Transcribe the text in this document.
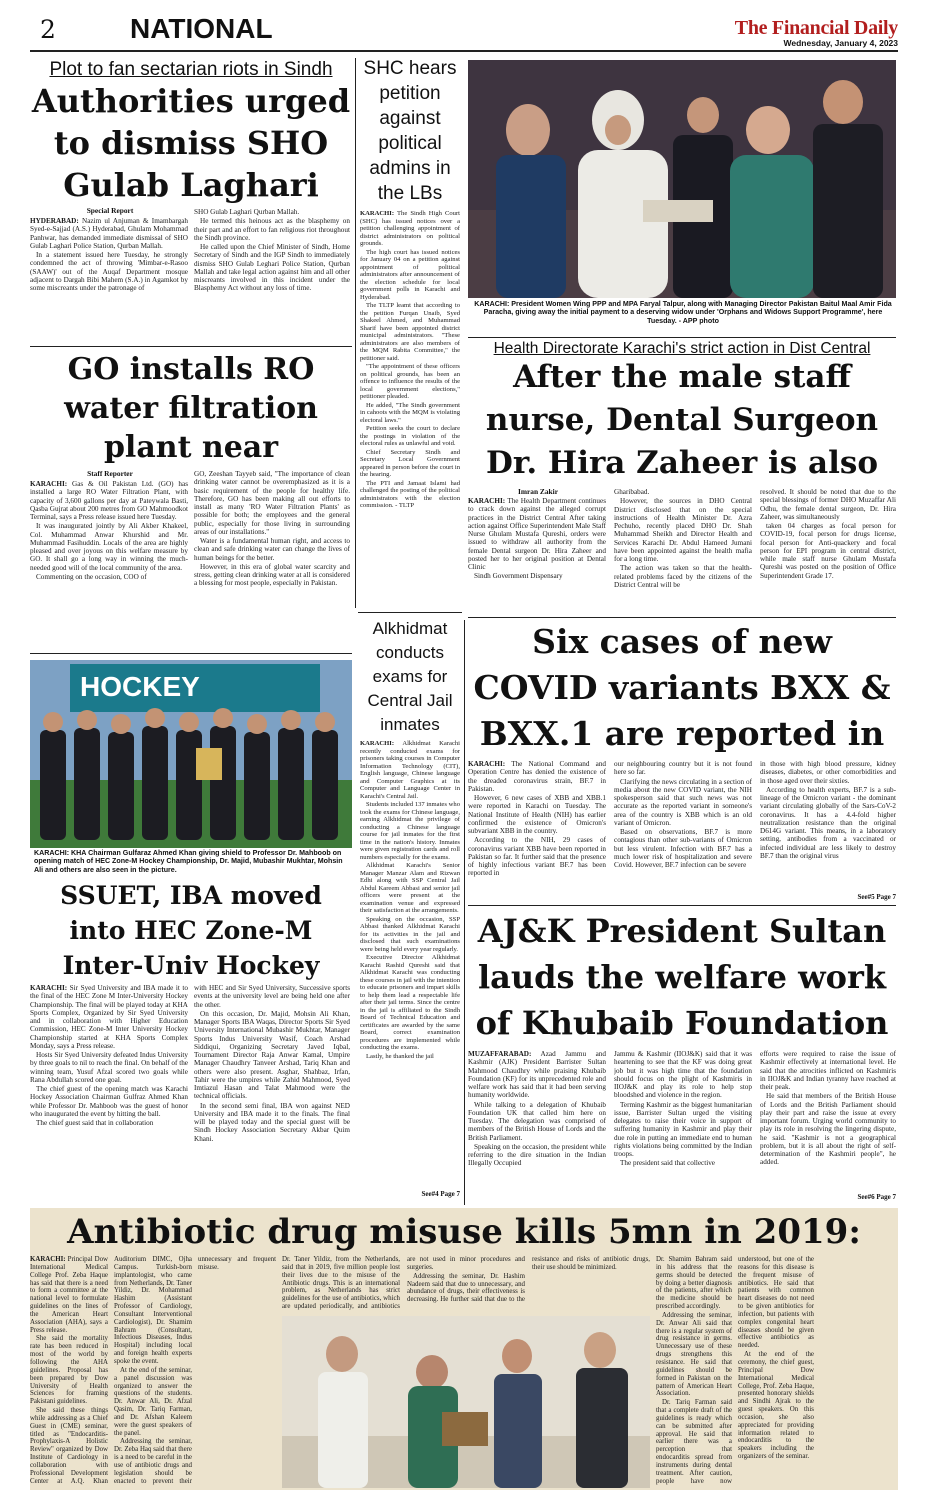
2	NATIONAL	The Financial Daily
Wednesday, January 4, 2023
Plot to fan sectarian riots in Sindh
Authorities urged to dismiss SHO Gulab Laghari
Special Report

HYDERABAD: Nazim ul Anjuman & Imambargah Syed-e-Sajjad (A.S.) Hyderabad, Ghulam Mohammad Panhwar, has demanded immediate dismissal of SHO Gulab Laghari Police Station, Qurban Mallah.

In a statement issued here Tuesday, he strongly condemned the act of throwing 'Mimbar-e-Rasoo (SAAW)' out of the Auqaf Department mosque adjacent to Dargah Bibi Mahem (S.A.) in Agamkot by some miscreants under the patronage of

SHO Gulab Laghari Qurban Mallah.

He termed this heinous act as the blasphemy on their part and an effort to fan religious riot throughout the Sindh province.

He called upon the Chief Minister of Sindh, Home Secretary of Sindh and the IGP Sindh to immediately dismiss SHO Gulab Leghari Police Station, Qurban Mallah and take legal action against him and all other miscreants involved in this incident under the Blasphemy Act without any loss of time.

SHC hears petition against political admins in the LBs

KARACHI: The Sindh High Court (SHC) has issued notices over a petition challenging appointment of district administrators on political grounds.

The high court has issued notices for January 04 on a petition against appointment of political administrators after announcement of the election schedule for local government polls in Karachi and Hyderabad.

The TLTP leamt that according to the petition Furqan Unaib, Syed Shakeel Ahmed, and Muhammad Sharif have been appointed district municipal administrators. "These administrators are also members of the MQM Rabita Committee," the petitioner said.

"The appointment of these officers on political grounds, has been an offence to influence the results of the local government elections," petitioner pleaded.

He added, "The Sindh government in cahoots with the MQM is violating electoral laws."

Petition seeks the court to declare the postings in violation of the electoral rules as unlawful and void.

Chief Secretary Sindh and Secretary Local Government appeared in person before the court in the hearing.

The PTI and Jamaat Islami had challenged the posting of the political administrators with the election commission. - TLTP

KARACHI: President Women Wing PPP and MPA Faryal Talpur, along with Managing Director Pakistan Baitul Maal Amir Fida Paracha, giving away the initial payment to a deserving widow under 'Orphans and Widows Support Programme', here Tuesday. - APP photo
Health Directorate Karachi's strict action in Dist Central
After the male staff nurse, Dental Surgeon Dr. Hira Zaheer is also
Imran Zakir

KARACHI: The Health Department continues to crack down against the alleged corrupt practices in the District Central After taking action against Office Superintendent Male Staff Nurse Ghulam Mustafa Qureshi, orders were issued to withdraw all authority from the female Dental surgeon Dr. Hira Zaheer and posted her to her original position at Dental Clinic

Sindh Government Dispensary

Gharibabad.

However, the sources in DHO Central District disclosed that on the special instructions of Health Minister Dr. Azra Pechuho, recently placed DHO Dr. Shah Muhammad Sheikh and Director Health and Services Karachi Dr. Abdul Hameed Jumani have been appointed against the health mafia for a long time.

The action was taken so that the health-related problems faced by the citizens of the District Central will be

resolved. It should be noted that due to the special blessings of former DHO Muzaffar Ali Odhu, the female dental surgeon, Dr. Hira Zaheer, was simultaneously

taken 04 charges as focal person for COVID-19, focal person for drugs license, focal person for Anti-quackery and focal person for EPI program in central district, while male staff nurse Ghulam Mustafa Qureshi was posted on the position of Office Superintendent Grade 17.

GO installs RO water filtration plant near
Staff Reporter

KARACHI: Gas & Oil Pakistan Ltd. (GO) has installed a large RO Water Filtration Plant, with capacity of 3,600 gallons per day at Pateywala Basti, Qasba Gujrat about 200 metres from GO Mahmoodkot Terminal, says a Press release issued here Tuesday.

It was inaugurated jointly by Ali Akber Khakeel, Col. Muhammad Anwar Khurshid and Mr. Muhammad Fasihuddin. Locals of the area are highly pleased and over joyous on this welfare measure by GO. It shall go a long way in winning the much-needed good will of the local community of the area.

Commenting on the occasion, COO of

GO, Zeeshan Tayyeb said, "The importance of clean drinking water cannot be overemphasized as it is a basic requirement of the people for healthy life. Therefore, GO has been making all out efforts to install as many 'RO Water Filtration Plants' as possible for both; the employees and the general public, especially for those living in surrounding areas of our installations."

Water is a fundamental human right, and access to clean and safe drinking water can change the lives of human beings for the better.

However, in this era of global water scarcity and stress, getting clean drinking water at all is considered a blessing for most people, especially in Pakistan.

Alkhidmat conducts exams for Central Jail inmates

KARACHI: Alkhidmat Karachi recently conducted exams for prisoners taking courses in Computer Information Technology (CIT), English language, Chinese language and Computer Graphics at its Computer and Language Center in Karachi's Central Jail.

Students included 137 inmates who took the exams for Chinese language, earning Alkhidmat the privilege of conducting a Chinese language course for jail inmates for the first time in the nation's history. Inmates were given registration cards and roll numbers especially for the exams.

Alkhidmat Karachi's Senior Manager Manzar Alam and Rizwan Edhi along with SSP Central Jail Abdul Kareem Abbasi and senior jail officers were present at the examination venue and expressed their satisfaction at the arrangements.

Speaking on the occasion, SSP Abbasi thanked Alkhidmat Karachi for its activities in the jail and disclosed that such examinations were being held every year regularly.

Executive Director Alkhidmat Karachi Rashid Qureshi said that Alkhidmat Karachi was conducting these courses in jail with the intention to educate prisoners and impart skills to help them lead a respectable life after their jail terms. Since the centre in the jail is affiliated to the Sindh Board of Technical Education and certificates are awarded by the same Board, correct examination procedures are implemented while conducting the exams.

Lastly, he thanked the jail

See#4 Page 7
Six cases of new COVID variants BXX & BXX.1 are reported in

KARACHI: The National Command and Operation Centre has denied the existence of the dreaded coronavirus strain, BF.7 in Pakistan.

However, 6 new cases of XBB and XBB.1 were reported in Karachi on Tuesday. The National Institute of Health (NIH) has earlier confirmed the existence of Omicron's subvariant XBB in the country.

According to the NIH, 29 cases of coronavirus variant XBB have been reported in Pakistan so far. It further said that the presence of highly infectious variant BF.7 has been reported in

our neighbouring country but it is not found here so far.

Clarifying the news circulating in a section of media about the new COVID variant, the NIH spokesperson said that such news was not accurate as the reported variant in someone's area of the country is XBB which is an old variant of Omicron.

Based on observations, BF.7 is more contagious than other sub-variants of Omicron but less virulent. Infection with BF.7 has a much lower risk of hospitalization and severe Covid. However, BF.7 infection can be severe

in those with high blood pressure, kidney diseases, diabetes, or other comorbidities and in those aged over their sixties.

According to health experts, BF.7 is a sub-lineage of the Omicron variant - the dominant variant circulating globally of the Sars-CoV-2 coronavirus. It has a 4.4-fold higher neutralization resistance than the original D614G variant. This means, in a laboratory setting, antibodies from a vaccinated or infected individual are less likely to destroy BF.7 than the original virus

See#5 Page 7
HOCKEY
KARACHI: KHA Chairman Gulfaraz Ahmed Khan giving shield to Professor Dr. Mahboob on opening match of HEC Zone-M Hockey Championship, Dr. Majid, Mubashir Mukhtar, Mohsin Ali and others are also seen in the picture.
SSUET, IBA moved into HEC Zone-M Inter-Univ Hockey

KARACHI: Sir Syed University and IBA made it to the final of the HEC Zone M Inter-University Hockey Championship. The final will be played today at KHA Sports Complex, Organized by Sir Syed University and in collaboration with Higher Education Commission, HEC Zone-M Inter University Hockey Championship started at KHA Sports Complex Monday, says a Press release.

Hosts Sir Syed University defeated Indus University by three goals to nil to reach the final. On behalf of the winning team, Yusuf Afzal scored two goals while Rana Abdullah scored one goal.

The chief guest of the opening match was Karachi Hockey Association Chairman Gulfraz Ahmed Khan while Professor Dr. Mahboob was the guest of honor who inaugurated the event by hitting the ball.

The chief guest said that in collaboration

with HEC and Sir Syed University, Successive sports events at the university level are being held one after the other.

On this occasion, Dr. Majid, Mohsin Ali Khan, Manager Sports IBA Waqas, Director Sports Sir Syed University International Mubashir Mukhtar, Manager Sports Indus University Wasif, Coach Arshad Siddiqui, Organizing Secretary Javed Iqbal, Tournament Director Raja Anwar Kamal, Umpire Manager Chaudhry Tanveer Arshad, Tariq Khan and others were also present. Asghar, Shahbaz, Irfan, Tahir were the umpires while Zahid Mahmood, Syed Imtiazul Hasan and Talat Mahmood were the technical officials.

In the second semi final, IBA won against NED University and IBA made it to the finals. The final will be played today and the special guest will be Sindh Hockey Association Secretary Akbar Quim Khani.

AJ&K President Sultan lauds the welfare work of Khubaib Foundation

MUZAFFARABAD: Azad Jammu and Kashmir (AJK) President Barrister Sultan Mahmood Chaudhry while praising Khubaib Foundation (KF) for its unprecedented role and welfare work has said that it had been serving humanity worldwide.

While talking to a delegation of Khubaib Foundation UK that called him here on Tuesday. The delegation was comprised of members of the British House of Lords and the British Parliament.

Speaking on the occasion, the president while referring to the dire situation in the Indian Illegally Occupied

Jammu & Kashmir (IIOJ&K) said that it was heartening to see that the KF was doing great job but it was high time that the foundation should focus on the plight of Kashmiris in IIOJ&K and play its role to help stop bloodshed and violence in the region.

Terming Kashmir as the biggest humanitarian issue, Barrister Sultan urged the visiting delegates to raise their voice in support of suffering humanity in Kashmir and play their due role in putting an immediate end to human rights violations being committed by the Indian troops.

The president said that collective

efforts were required to raise the issue of Kashmir effectively at international level. He said that the atrocities inflicted on Kashmiris in IIOJ&K and Indian tyranny have reached at their peak.

He said that members of the British House of Lords and the British Parliament should play their part and raise the issue at every important forum. Urging world community to play its role in resolving the lingering dispute, he said. "Kashmir is not a geographical problem, but it is all about the right of self-determination of the Kashmiri people", he added.

See#6 Page 7
Antibiotic drug misuse kills 5mn in 2019:

KARACHI: Principal Dow International Medical College Prof. Zeba Haque has said that there is a need to form a committee at the national level to formulate guidelines on the lines of the American Heart Association (AHA), says a Press release.

She said the mortality rate has been reduced in most of the world by following the AHA guidelines. Proposal has been prepared by Dow University of Health Sciences for framing Pakistani guidelines.

She said these things while addressing as a Chief Guest in (CME) seminar, titled as "Endocarditis-Prophylaxis-A Holistic Review" organized by Dow Institute of Cardiology in collaboration with Professional Development Center at A.Q. Khan Auditorium DIMC, Ojha Campus. Turkish-born implantologist, who came from Netherlands, Dr. Taner Yildiz, Dr. Mohammad Hashim (Assistant Professor of Cardiology, Consultant Interventional Cardiologist), Dr. Shamim Bahram (Consultant, Infectious Diseases, Indus Hospital) including local and foreign health experts spoke the event.

At the end of the seminar, a panel discussion was organized to answer the questions of the students. Dr. Anwar Ali, Dr. Afzal Qasim, Dr. Tariq Farman, and Dr. Afshan Kaleem were the guest speakers of the panel.

Addressing the seminar, Dr. Zeba Haq said that there is a need to be careful in the use of antibiotic drugs and legislation should be enacted to prevent their unnecessary and frequent misuse.

Dr. Taner Yildiz, from the Netherlands, said that in 2019, five million people lost their lives due to the misuse of the Antibiotic drugs. This is an international problem, as Netherlands has strict guidelines for the use of antibiotics, which are updated periodically, and antibiotics are not used in minor procedures and surgeries.

Addressing the seminar, Dr. Hashim Nadeem said that due to unnecessary, and abundance of drugs, their effectiveness is decreasing. He further said that due to the resistance and risks of antibiotic drugs, their use should be minimized.

Dr. Shamim Bahram said in his address that the germs should be detected by doing a better diagnosis of the patients, after which the medicine should be prescribed accordingly.

Addressing the seminar, Dr. Anwar Ali said that there is a regular system of drug resistance in germs. Unnecessary use of these drugs strengthens this resistance. He said that guidelines should be formed in Pakistan on the pattern of American Heart Association.

Dr. Tariq Farman said that a complete draft of the guidelines is ready which can be submitted after approval. He said that earlier there was a perception that endocarditis spread from instruments during dental treatment. After caution, people have now understood, but one of the reasons for this disease is the frequent misuse of antibiotics. He said that patients with common heart diseases do not need to be given antibiotics for infection, but patients with complex congenital heart diseases should be given effective antibiotics as needed.

At the end of the ceremony, the chief guest, Principal Dow International Medical College, Prof. Zeba Haque, presented honorary shields and Sindhi Ajrak to the guest speakers. On this occasion, she also appreciated for providing information related to endocarditis to the speakers including the organizers of the seminar.
